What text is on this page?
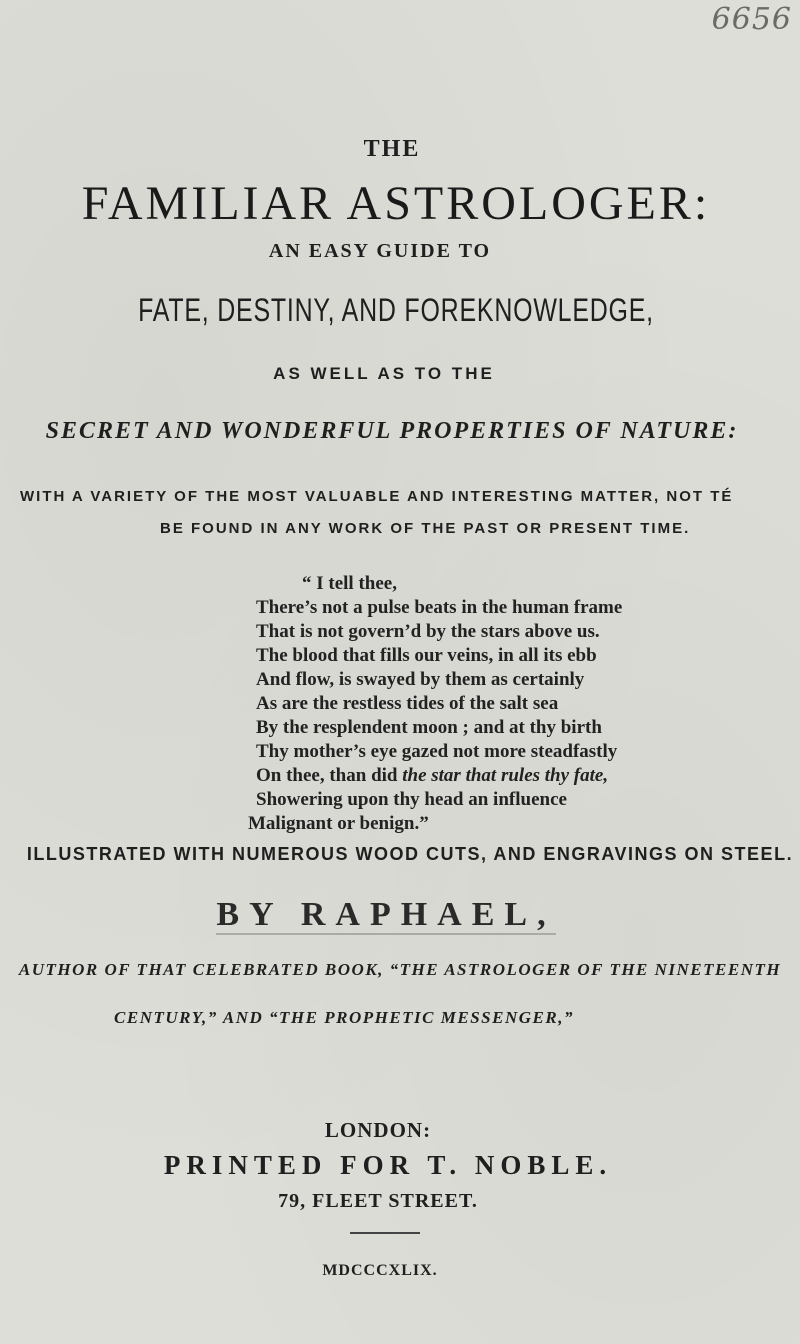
6656
THE
FAMILIAR ASTROLOGER:
AN EASY GUIDE TO
FATE, DESTINY, AND FOREKNOWLEDGE,
AS WELL AS TO THE
SECRET AND WONDERFUL PROPERTIES OF NATURE:
WITH A VARIETY OF THE MOST VALUABLE AND INTERESTING MATTER, NOT TÉ
BE FOUND IN ANY WORK OF THE PAST OR PRESENT TIME.
“ I tell thee,
There’s not a pulse beats in the human frame
That is not govern’d by the stars above us.
The blood that fills our veins, in all its ebb
And flow, is swayed by them as certainly
As are the restless tides of the salt sea
By the resplendent moon ; and at thy birth
Thy mother’s eye gazed not more steadfastly
On thee, than did the star that rules thy fate,
Showering upon thy head an influence
Malignant or benign.”
ILLUSTRATED WITH NUMEROUS WOOD CUTS, AND ENGRAVINGS ON STEEL.
BY RAPHAEL,
AUTHOR OF THAT CELEBRATED BOOK, “THE ASTROLOGER OF THE NINETEENTH
CENTURY,” AND “THE PROPHETIC MESSENGER,”
LONDON:
PRINTED FOR T. NOBLE.
79, FLEET STREET.
MDCCCXLIX.
